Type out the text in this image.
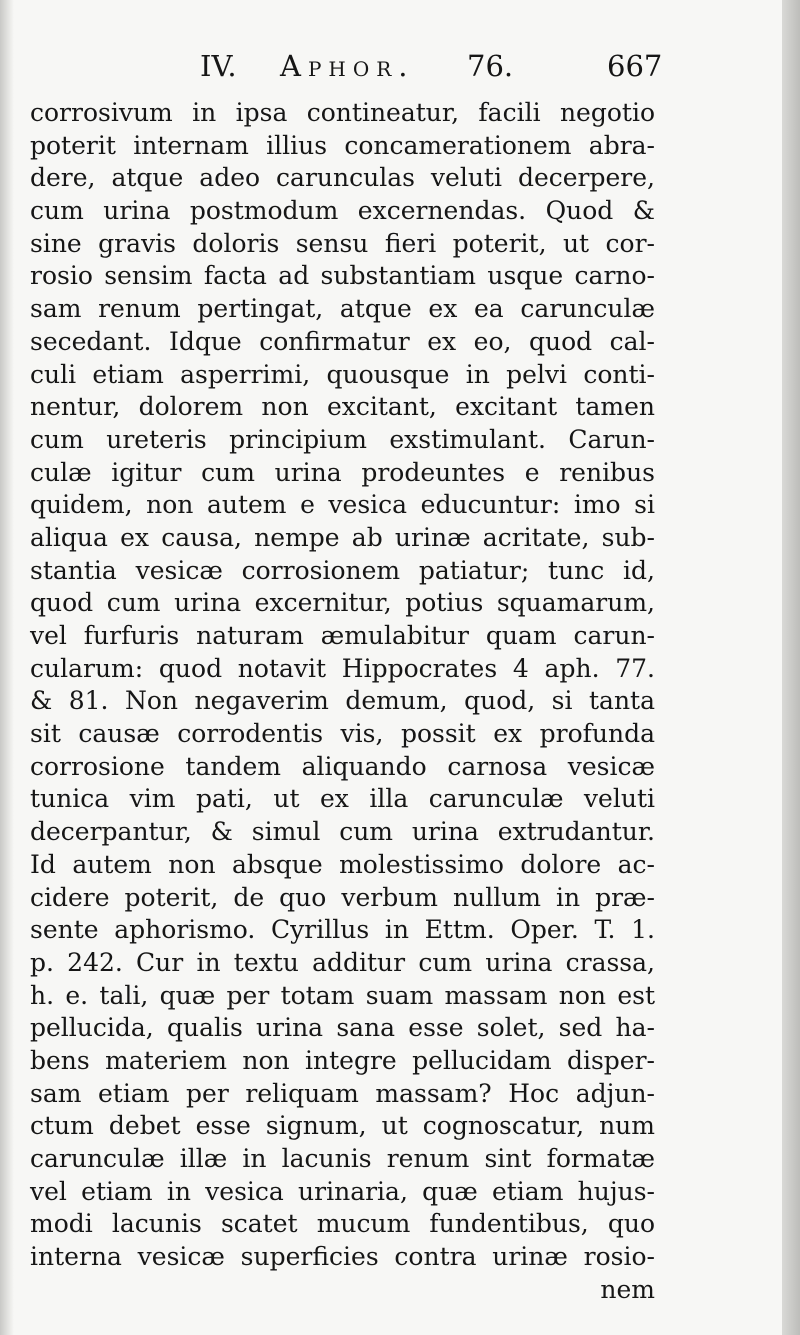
IV. Aphor. 76.	667
corrosivum in ipsa contineatur, facili negotio
poterit internam illius concamerationem abra-
dere, atque adeo carunculas veluti decerpere,
cum urina postmodum excernendas. Quod &
sine gravis doloris sensu fieri poterit, ut cor-
rosio sensim facta ad substantiam usque carno-
sam renum pertingat, atque ex ea carunculæ
secedant. Idque confirmatur ex eo, quod cal-
culi etiam asperrimi, quousque in pelvi conti-
nentur, dolorem non excitant, excitant tamen
cum ureteris principium exstimulant. Carun-
culæ igitur cum urina prodeuntes e renibus
quidem, non autem e vesica educuntur: imo si
aliqua ex causa, nempe ab urinæ acritate, sub-
stantia vesicæ corrosionem patiatur; tunc id,
quod cum urina excernitur, potius squamarum,
vel furfuris naturam æmulabitur quam carun-
cularum: quod notavit Hippocrates 4 aph. 77.
& 81. Non negaverim demum, quod, si tanta
sit causæ corrodentis vis, possit ex profunda
corrosione tandem aliquando carnosa vesicæ
tunica vim pati, ut ex illa carunculæ veluti
decerpantur, & simul cum urina extrudantur.
Id autem non absque molestissimo dolore ac-
cidere poterit, de quo verbum nullum in præ-
sente aphorismo. Cyrillus in Ettm. Oper. T. 1.
p. 242. Cur in textu additur cum urina crassa,
h. e. tali, quæ per totam suam massam non est
pellucida, qualis urina sana esse solet, sed ha-
bens materiem non integre pellucidam disper-
sam etiam per reliquam massam? Hoc adjun-
ctum debet esse signum, ut cognoscatur, num
carunculæ illæ in lacunis renum sint formatæ
vel etiam in vesica urinaria, quæ etiam hujus-
modi lacunis scatet mucum fundentibus, quo
interna vesicæ superficies contra urinæ rosio-
nem
